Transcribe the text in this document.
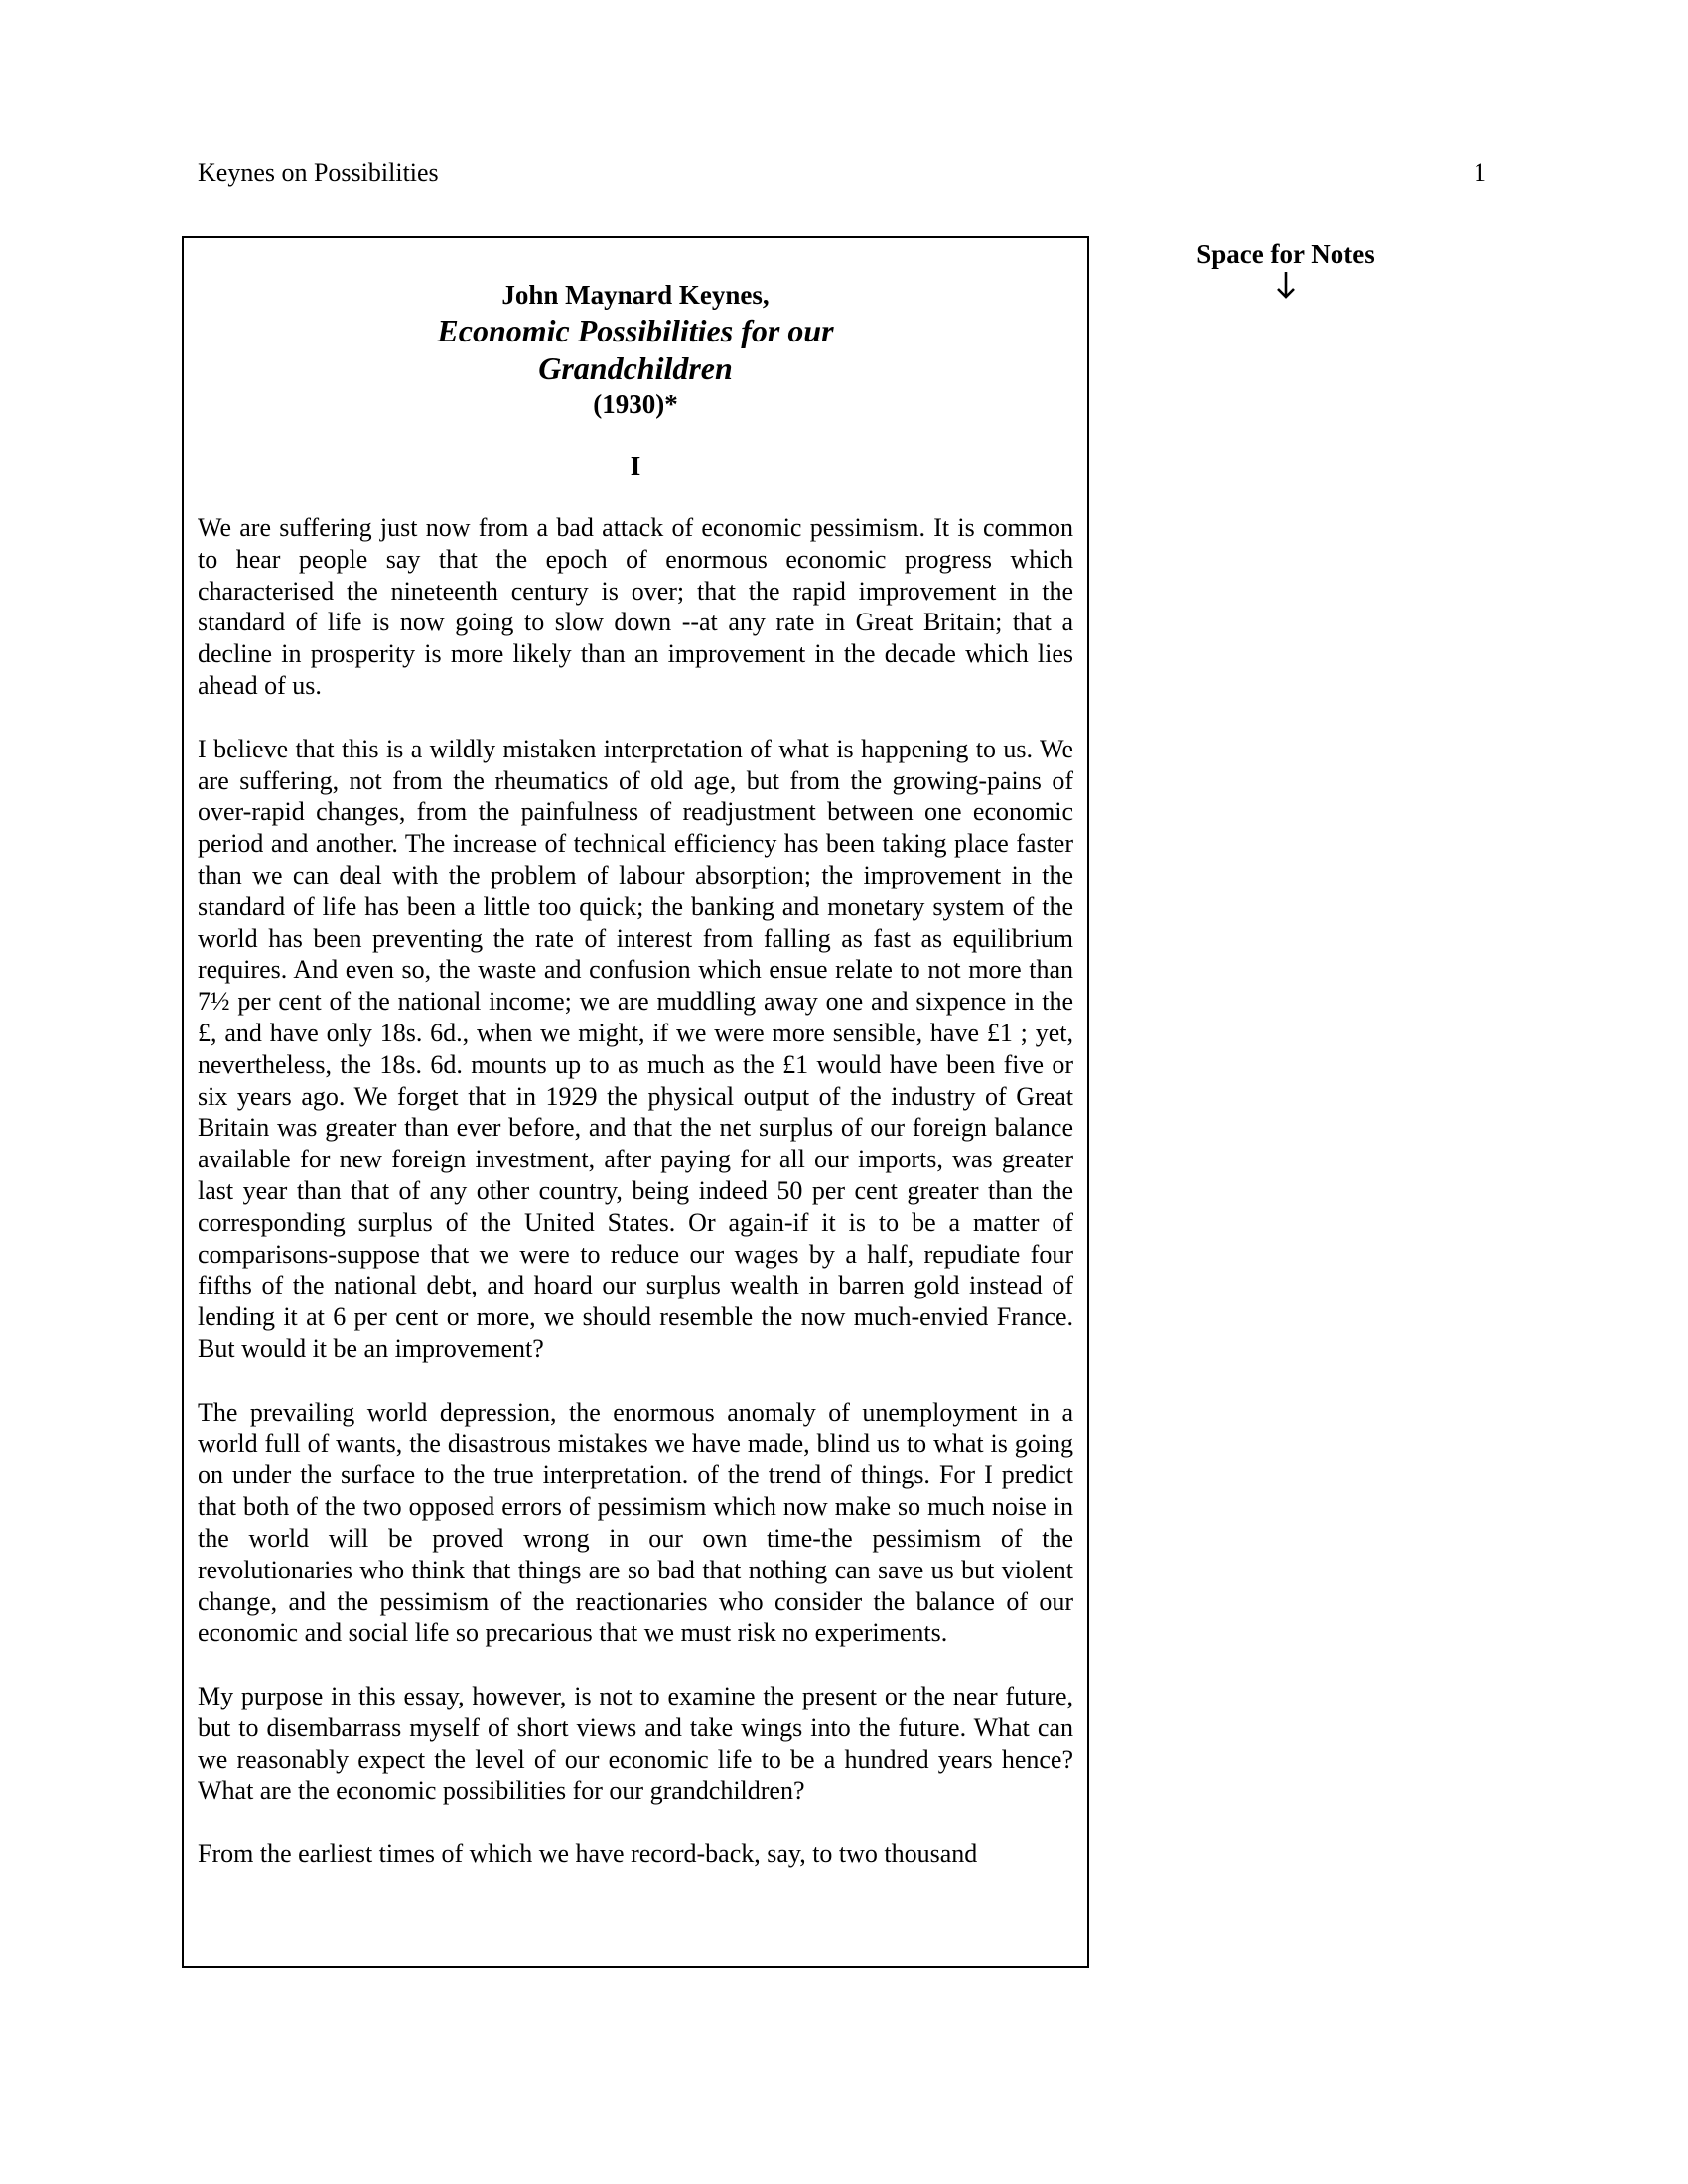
Keynes on Possibilities	1
Space for Notes
John Maynard Keynes,
Economic Possibilities for our
Grandchildren
(1930)*
I

We are suffering just now from a bad attack of economic pessimism. It is common to hear people say that the epoch of enormous economic progress which characterised the nineteenth century is over; that the rapid improvement in the standard of life is now going to slow down --at any rate in Great Britain; that a decline in prosperity is more likely than an improvement in the decade which lies ahead of us.

I believe that this is a wildly mistaken interpretation of what is happening to us. We are suffering, not from the rheumatics of old age, but from the growing-pains of over-rapid changes, from the painfulness of readjustment between one economic period and another. The increase of technical efficiency has been taking place faster than we can deal with the problem of labour absorption; the improvement in the standard of life has been a little too quick; the banking and monetary system of the world has been preventing the rate of interest from falling as fast as equilibrium requires. And even so, the waste and confusion which ensue relate to not more than 7½ per cent of the national income; we are muddling away one and sixpence in the £, and have only 18s. 6d., when we might, if we were more sensible, have £1 ; yet, nevertheless, the 18s. 6d. mounts up to as much as the £1 would have been five or six years ago. We forget that in 1929 the physical output of the industry of Great Britain was greater than ever before, and that the net surplus of our foreign balance available for new foreign investment, after paying for all our imports, was greater last year than that of any other country, being indeed 50 per cent greater than the corresponding surplus of the United States. Or again-if it is to be a matter of comparisons-suppose that we were to reduce our wages by a half, repudiate four fifths of the national debt, and hoard our surplus wealth in barren gold instead of lending it at 6 per cent or more, we should resemble the now much-envied France. But would it be an improvement?

The prevailing world depression, the enormous anomaly of unemployment in a world full of wants, the disastrous mistakes we have made, blind us to what is going on under the surface to the true interpretation. of the trend of things. For I predict that both of the two opposed errors of pessimism which now make so much noise in the world will be proved wrong in our own time-the pessimism of the revolutionaries who think that things are so bad that nothing can save us but violent change, and the pessimism of the reactionaries who consider the balance of our economic and social life so precarious that we must risk no experiments.

My purpose in this essay, however, is not to examine the present or the near future, but to disembarrass myself of short views and take wings into the future. What can we reasonably expect the level of our economic life to be a hundred years hence? What are the economic possibilities for our grandchildren?

From the earliest times of which we have record-back, say, to two thousand
